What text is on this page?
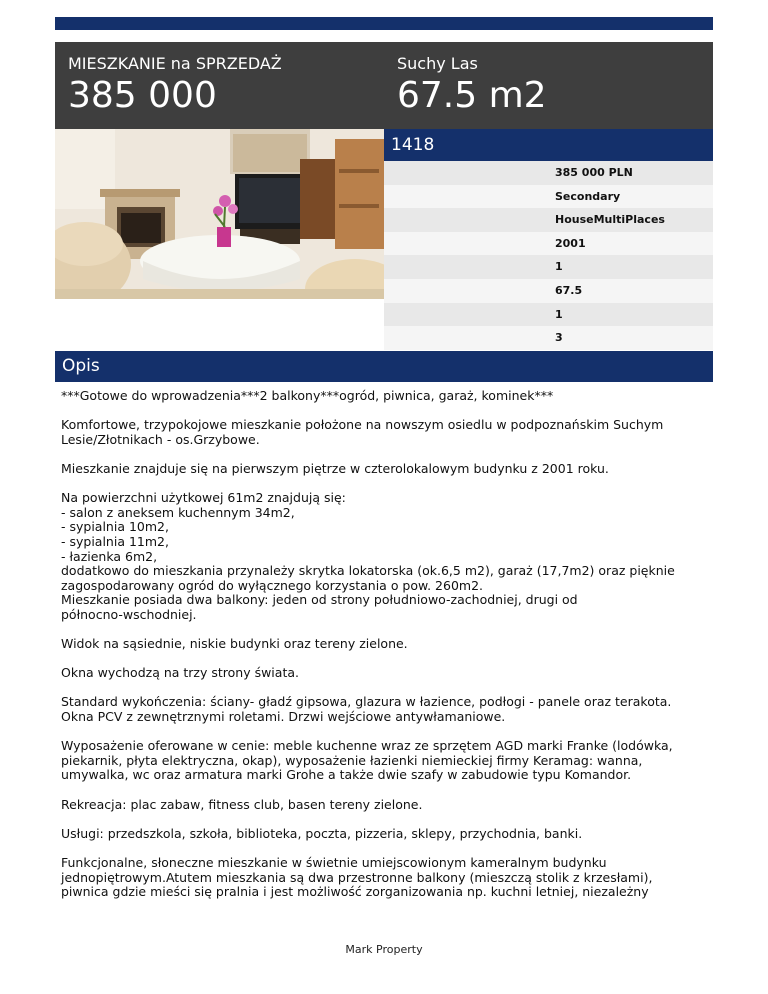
MIESZKANIE na SPRZEDAŻ
385 000
Suchy Las
67.5 m2
1418
385 000 PLN
Secondary
HouseMultiPlaces
2001
1
67.5
1
3
Opis

***Gotowe do wprowadzenia***2 balkony***ogród, piwnica, garaż, kominek***

Komfortowe, trzypokojowe mieszkanie położone na nowszym osiedlu w podpoznańskim Suchym
Lesie/Złotnikach - os.Grzybowe.

Mieszkanie znajduje się na pierwszym piętrze w czterolokalowym budynku z 2001 roku.

Na powierzchni użytkowej 61m2 znajdują się:
- salon z aneksem kuchennym 34m2,
- sypialnia 10m2,
- sypialnia 11m2,
- łazienka 6m2,
dodatkowo do mieszkania przynależy skrytka lokatorska (ok.6,5 m2), garaż (17,7m2) oraz pięknie
zagospodarowany ogród do wyłącznego korzystania o pow. 260m2.
Mieszkanie posiada dwa balkony: jeden od strony południowo-zachodniej, drugi od
północno-wschodniej.

Widok na sąsiednie, niskie budynki oraz tereny zielone.

Okna wychodzą na trzy strony świata.

Standard wykończenia: ściany- gładź gipsowa, glazura w łazience, podłogi - panele oraz terakota.
Okna PCV z zewnętrznymi roletami. Drzwi wejściowe antywłamaniowe.

Wyposażenie oferowane w cenie: meble kuchenne wraz ze sprzętem AGD marki Franke (lodówka,
piekarnik, płyta elektryczna, okap), wyposażenie łazienki niemieckiej firmy Keramag: wanna,
umywalka, wc oraz armatura marki Grohe a także dwie szafy w zabudowie typu Komandor.

Rekreacja: plac zabaw, fitness club, basen tereny zielone.

Usługi: przedszkola, szkoła, biblioteka, poczta, pizzeria, sklepy, przychodnia, banki.

Funkcjonalne, słoneczne mieszkanie w świetnie umiejscowionym kameralnym budynku
jednopiętrowym.Atutem mieszkania są dwa przestronne balkony (mieszczą stolik z krzesłami),
piwnica gdzie mieści się pralnia i jest możliwość zorganizowania np. kuchni letniej, niezależny

Mark Property
